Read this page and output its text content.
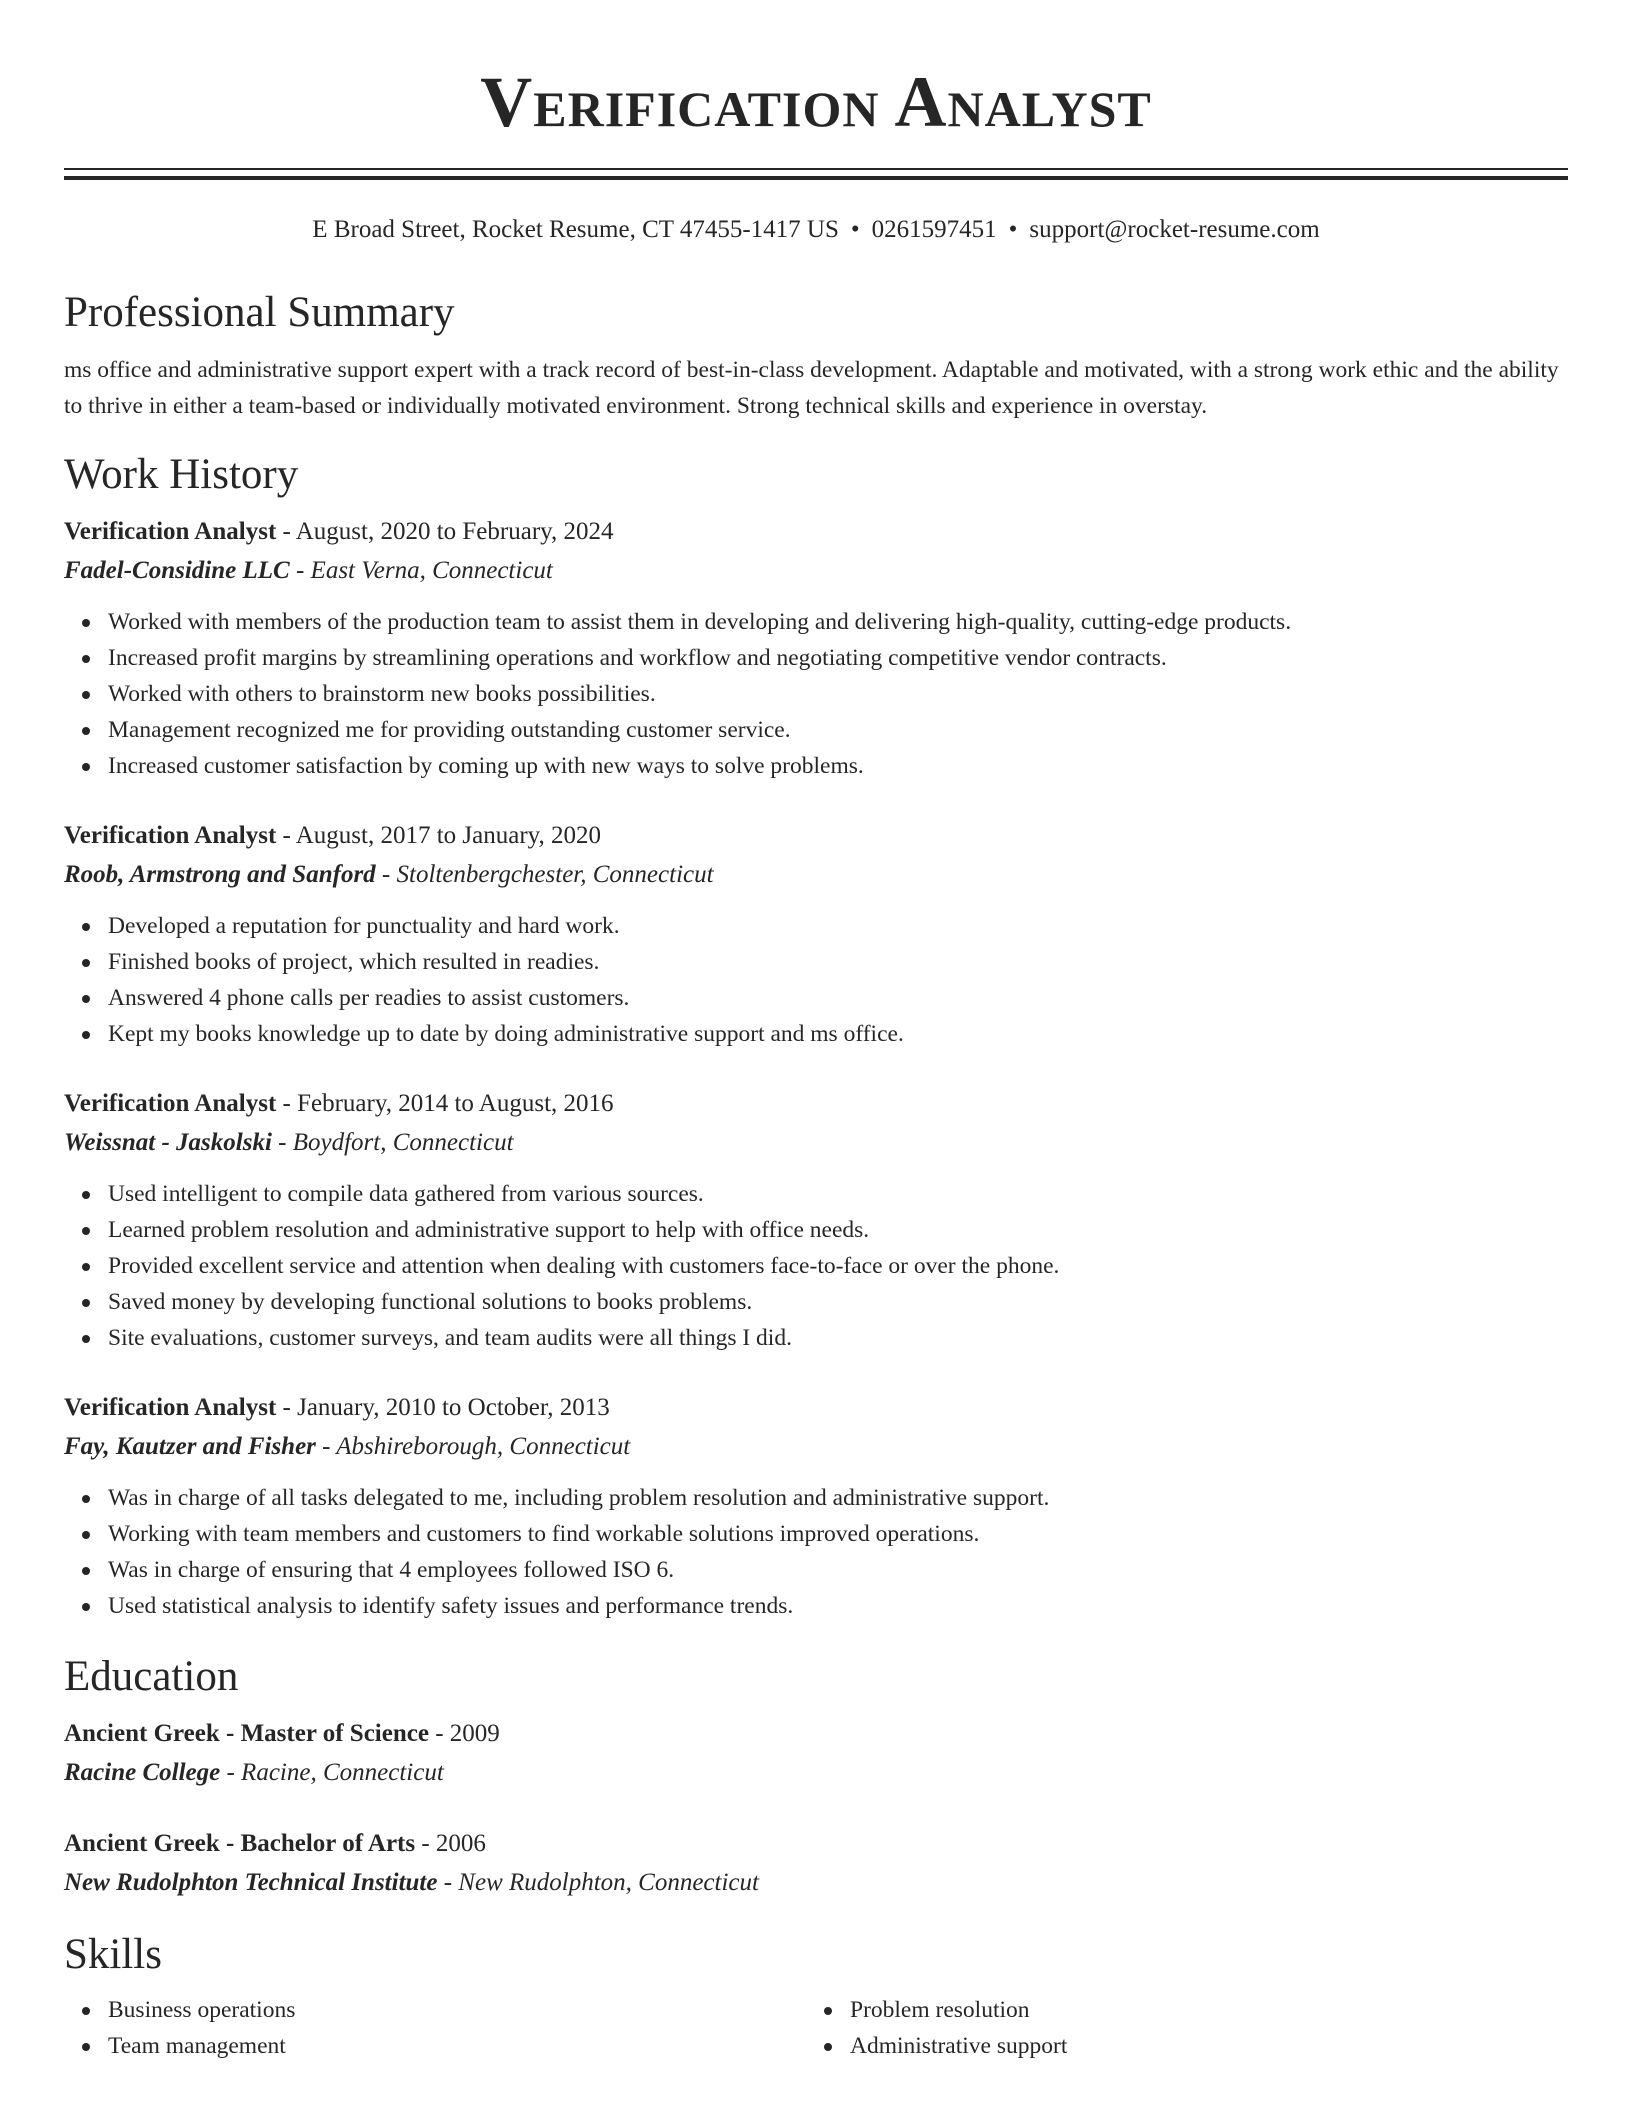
Verification Analyst
E Broad Street, Rocket Resume, CT 47455-1417 US • 0261597451 • support@rocket-resume.com
Professional Summary
ms office and administrative support expert with a track record of best-in-class development. Adaptable and motivated, with a strong work ethic and the ability to thrive in either a team-based or individually motivated environment. Strong technical skills and experience in overstay.
Work History
Verification Analyst - August, 2020 to February, 2024
Fadel-Considine LLC - East Verna, Connecticut
Worked with members of the production team to assist them in developing and delivering high-quality, cutting-edge products.
Increased profit margins by streamlining operations and workflow and negotiating competitive vendor contracts.
Worked with others to brainstorm new books possibilities.
Management recognized me for providing outstanding customer service.
Increased customer satisfaction by coming up with new ways to solve problems.
Verification Analyst - August, 2017 to January, 2020
Roob, Armstrong and Sanford - Stoltenbergchester, Connecticut
Developed a reputation for punctuality and hard work.
Finished books of project, which resulted in readies.
Answered 4 phone calls per readies to assist customers.
Kept my books knowledge up to date by doing administrative support and ms office.
Verification Analyst - February, 2014 to August, 2016
Weissnat - Jaskolski - Boydfort, Connecticut
Used intelligent to compile data gathered from various sources.
Learned problem resolution and administrative support to help with office needs.
Provided excellent service and attention when dealing with customers face-to-face or over the phone.
Saved money by developing functional solutions to books problems.
Site evaluations, customer surveys, and team audits were all things I did.
Verification Analyst - January, 2010 to October, 2013
Fay, Kautzer and Fisher - Abshireborough, Connecticut
Was in charge of all tasks delegated to me, including problem resolution and administrative support.
Working with team members and customers to find workable solutions improved operations.
Was in charge of ensuring that 4 employees followed ISO 6.
Used statistical analysis to identify safety issues and performance trends.
Education
Ancient Greek - Master of Science - 2009
Racine College - Racine, Connecticut
Ancient Greek - Bachelor of Arts - 2006
New Rudolphton Technical Institute - New Rudolphton, Connecticut
Skills
Business operations
Team management
Problem resolution
Administrative support
